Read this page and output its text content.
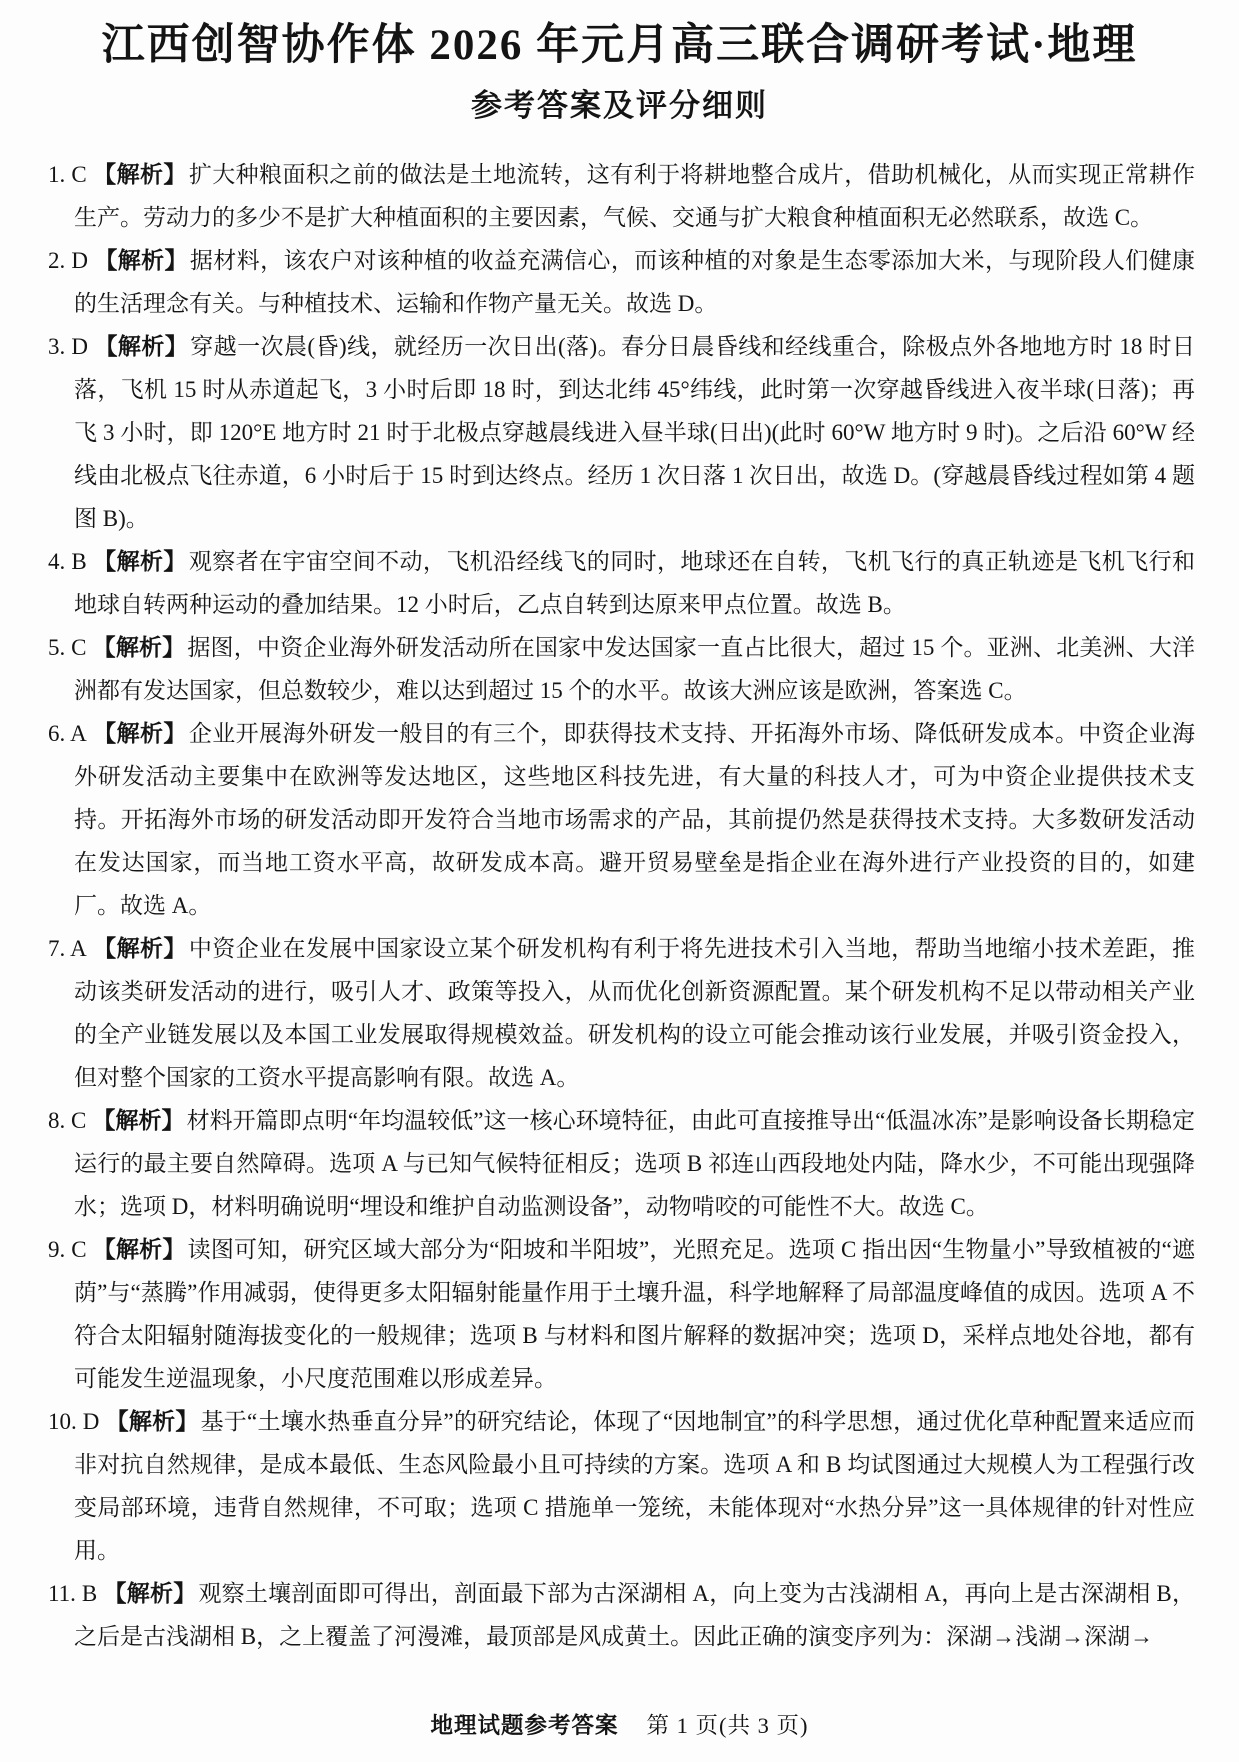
江西创智协作体 2026 年元月高三联合调研考试·地理
参考答案及评分细则

1. C 【解析】扩大种粮面积之前的做法是土地流转，这有利于将耕地整合成片，借助机械化，从而实现正常耕作生产。劳动力的多少不是扩大种植面积的主要因素，气候、交通与扩大粮食种植面积无必然联系，故选 C。

2. D 【解析】据材料，该农户对该种植的收益充满信心，而该种植的对象是生态零添加大米，与现阶段人们健康的生活理念有关。与种植技术、运输和作物产量无关。故选 D。

3. D 【解析】穿越一次晨(昏)线，就经历一次日出(落)。春分日晨昏线和经线重合，除极点外各地地方时 18 时日落，飞机 15 时从赤道起飞，3 小时后即 18 时，到达北纬 45°纬线，此时第一次穿越昏线进入夜半球(日落)；再飞 3 小时，即 120°E 地方时 21 时于北极点穿越晨线进入昼半球(日出)(此时 60°W 地方时 9 时)。之后沿 60°W 经线由北极点飞往赤道，6 小时后于 15 时到达终点。经历 1 次日落 1 次日出，故选 D。(穿越晨昏线过程如第 4 题图 B)。

4. B 【解析】观察者在宇宙空间不动，飞机沿经线飞的同时，地球还在自转，飞机飞行的真正轨迹是飞机飞行和地球自转两种运动的叠加结果。12 小时后，乙点自转到达原来甲点位置。故选 B。

5. C 【解析】据图，中资企业海外研发活动所在国家中发达国家一直占比很大，超过 15 个。亚洲、北美洲、大洋洲都有发达国家，但总数较少，难以达到超过 15 个的水平。故该大洲应该是欧洲，答案选 C。

6. A 【解析】企业开展海外研发一般目的有三个，即获得技术支持、开拓海外市场、降低研发成本。中资企业海外研发活动主要集中在欧洲等发达地区，这些地区科技先进，有大量的科技人才，可为中资企业提供技术支持。开拓海外市场的研发活动即开发符合当地市场需求的产品，其前提仍然是获得技术支持。大多数研发活动在发达国家，而当地工资水平高，故研发成本高。避开贸易壁垒是指企业在海外进行产业投资的目的，如建厂。故选 A。

7. A 【解析】中资企业在发展中国家设立某个研发机构有利于将先进技术引入当地，帮助当地缩小技术差距，推动该类研发活动的进行，吸引人才、政策等投入，从而优化创新资源配置。某个研发机构不足以带动相关产业的全产业链发展以及本国工业发展取得规模效益。研发机构的设立可能会推动该行业发展，并吸引资金投入，但对整个国家的工资水平提高影响有限。故选 A。

8. C 【解析】材料开篇即点明“年均温较低”这一核心环境特征，由此可直接推导出“低温冰冻”是影响设备长期稳定运行的最主要自然障碍。选项 A 与已知气候特征相反；选项 B 祁连山西段地处内陆，降水少，不可能出现强降水；选项 D，材料明确说明“埋设和维护自动监测设备”，动物啃咬的可能性不大。故选 C。

9. C 【解析】读图可知，研究区域大部分为“阳坡和半阳坡”，光照充足。选项 C 指出因“生物量小”导致植被的“遮荫”与“蒸腾”作用减弱，使得更多太阳辐射能量作用于土壤升温，科学地解释了局部温度峰值的成因。选项 A 不符合太阳辐射随海拔变化的一般规律；选项 B 与材料和图片解释的数据冲突；选项 D，采样点地处谷地，都有可能发生逆温现象，小尺度范围难以形成差异。

10. D 【解析】基于“土壤水热垂直分异”的研究结论，体现了“因地制宜”的科学思想，通过优化草种配置来适应而非对抗自然规律，是成本最低、生态风险最小且可持续的方案。选项 A 和 B 均试图通过大规模人为工程强行改变局部环境，违背自然规律，不可取；选项 C 措施单一笼统，未能体现对“水热分异”这一具体规律的针对性应用。

11. B 【解析】观察土壤剖面即可得出，剖面最下部为古深湖相 A，向上变为古浅湖相 A，再向上是古深湖相 B，之后是古浅湖相 B，之上覆盖了河漫滩，最顶部是风成黄土。因此正确的演变序列为：深湖→浅湖→深湖→

地理试题参考答案 第 1 页(共 3 页)
